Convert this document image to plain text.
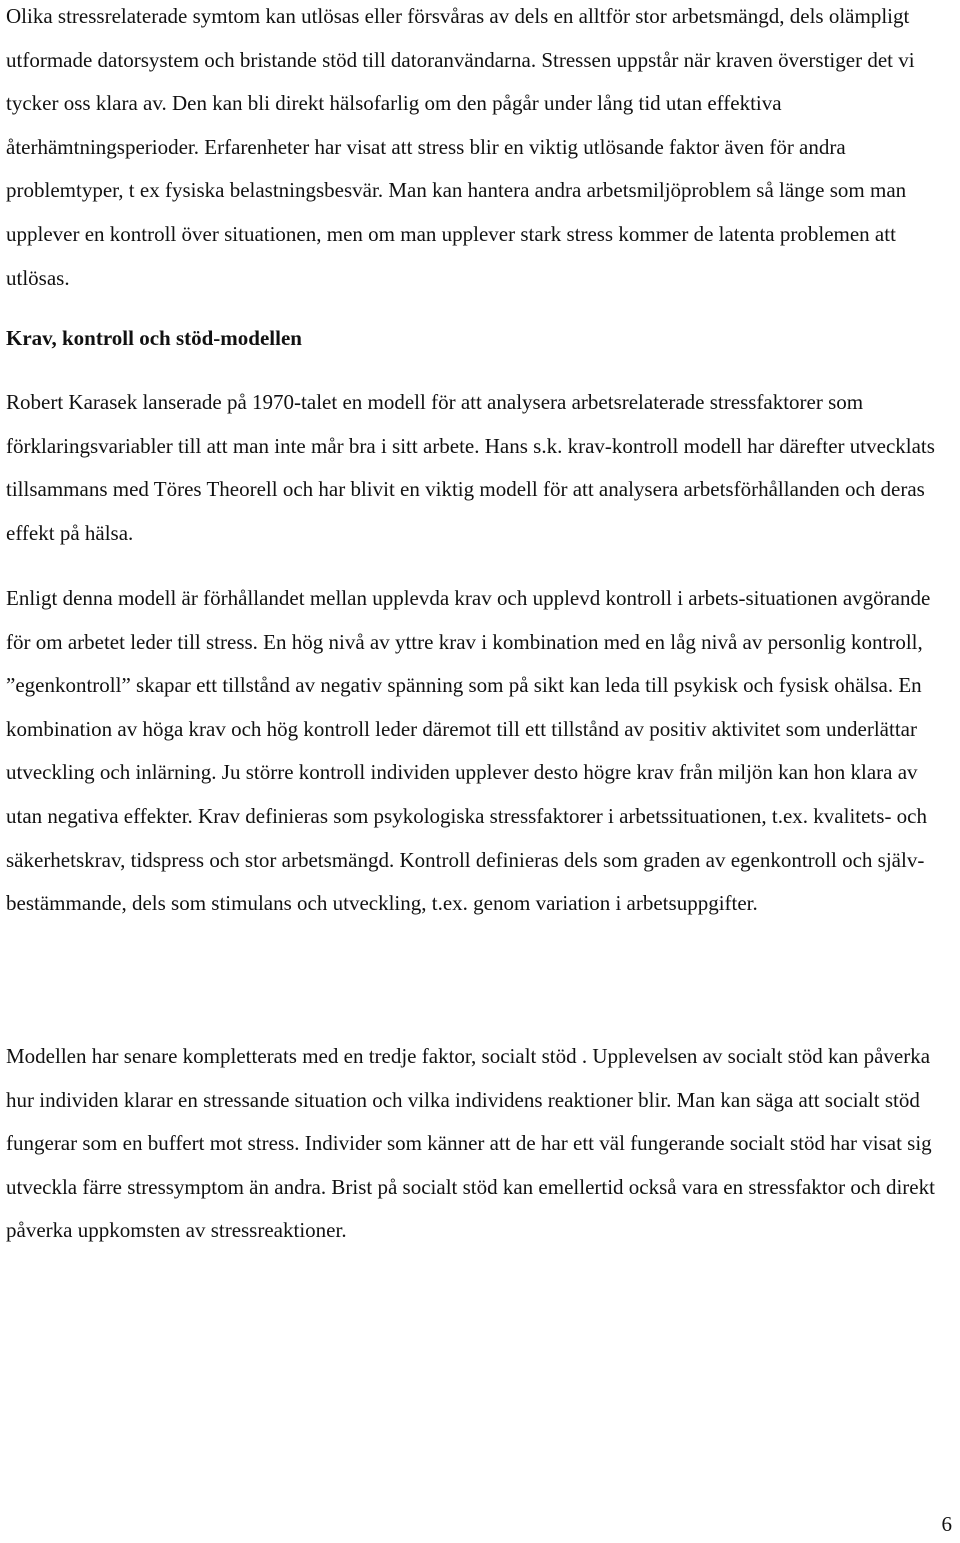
Olika stressrelaterade symtom kan utlösas eller försvåras av dels en alltför stor arbetsmängd, dels olämpligt utformade datorsystem och bristande stöd till datoranvändarna. Stressen uppstår när kraven överstiger det vi tycker oss klara av. Den kan bli direkt hälsofarlig om den pågår under lång tid utan effektiva återhämtningsperioder. Erfarenheter har visat att stress blir en viktig utlösande faktor även för andra problemtyper, t ex fysiska belastningsbesvär. Man kan hantera andra arbetsmiljöproblem så länge som man upplever en kontroll över situationen, men om man upplever stark stress kommer de latenta problemen att utlösas.

Krav, kontroll och stöd-modellen

Robert Karasek lanserade på 1970-talet en modell för att analysera arbetsrelaterade stressfaktorer som förklaringsvariabler till att man inte mår bra i sitt arbete. Hans s.k. krav-kontroll modell har därefter utvecklats tillsammans med Töres Theorell och har blivit en viktig modell för att analysera arbetsförhållanden och deras effekt på hälsa.

Enligt denna modell är förhållandet mellan upplevda krav och upplevd kontroll i arbets-situationen avgörande för om arbetet leder till stress. En hög nivå av yttre krav i kombination med en låg nivå av personlig kontroll, ”egenkontroll” skapar ett tillstånd av negativ spänning som på sikt kan leda till psykisk och fysisk ohälsa. En kombination av höga krav och hög kontroll leder däremot till ett tillstånd av positiv aktivitet som underlättar utveckling och inlärning. Ju större kontroll individen upplever desto högre krav från miljön kan hon klara av utan negativa effekter. Krav definieras som psykologiska stressfaktorer i arbetssituationen, t.ex. kvalitets- och säkerhetskrav, tidspress och stor arbetsmängd. Kontroll definieras dels som graden av egenkontroll och själv-bestämmande, dels som stimulans och utveckling, t.ex. genom variation i arbetsuppgifter.

Modellen har senare kompletterats med en tredje faktor, socialt stöd . Upplevelsen av socialt stöd kan påverka hur individen klarar en stressande situation och vilka individens reaktioner blir. Man kan säga att socialt stöd fungerar som en buffert mot stress. Individer som känner att de har ett väl fungerande socialt stöd har visat sig utveckla färre stressymptom än andra. Brist på socialt stöd kan emellertid också vara en stressfaktor och direkt påverka uppkomsten av stressreaktioner.

6
